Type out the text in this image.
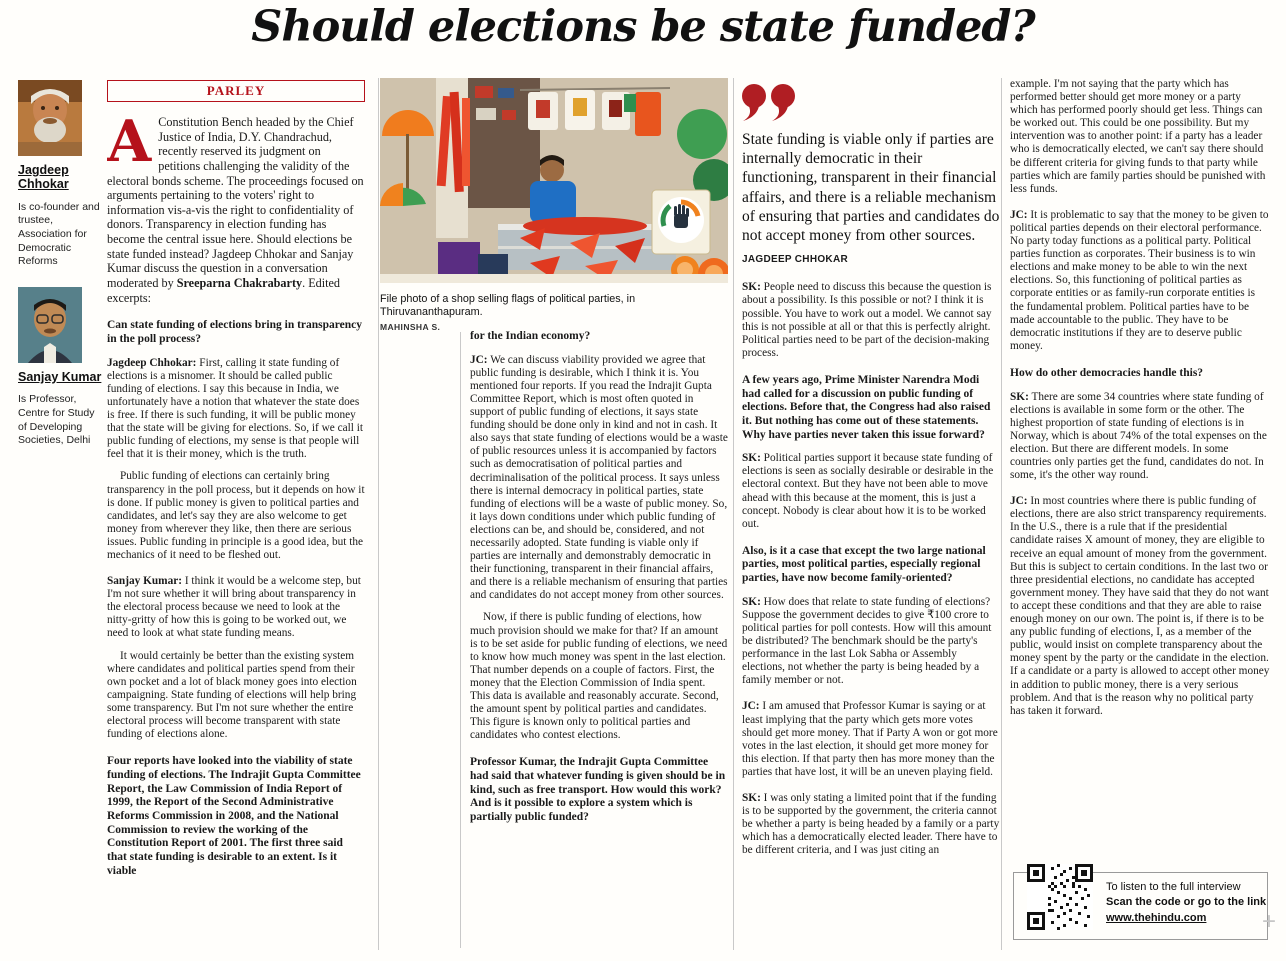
Should elections be state funded?
Jagdeep Chhokar

Is co-founder and trustee, Association for Democratic Reforms

Sanjay Kumar

Is Professor, Centre for Study of Developing Societies, Delhi

PARLEY

A Constitution Bench headed by the Chief Justice of India, D.Y. Chandrachud, recently reserved its judgment on petitions challenging the validity of the electoral bonds scheme. The proceedings focused on arguments pertaining to the voters' right to information vis-a-vis the right to confidentiality of donors. Transparency in election funding has become the central issue here. Should elections be state funded instead? Jagdeep Chhokar and Sanjay Kumar discuss the question in a conversation moderated by Sreeparna Chakrabarty. Edited excerpts:

Can state funding of elections bring in transparency in the poll process?

Jagdeep Chhokar: First, calling it state funding of elections is a misnomer. It should be called public funding of elections. I say this because in India, we unfortunately have a notion that whatever the state does is free. If there is such funding, it will be public money that the state will be giving for elections. So, if we call it public funding of elections, my sense is that people will feel that it is their money, which is the truth.

Public funding of elections can certainly bring transparency in the poll process, but it depends on how it is done. If public money is given to political parties and candidates, and let's say they are also welcome to get money from wherever they like, then there are serious issues. Public funding in principle is a good idea, but the mechanics of it need to be fleshed out.

Sanjay Kumar: I think it would be a welcome step, but I'm not sure whether it will bring about transparency in the electoral process because we need to look at the nitty-gritty of how this is going to be worked out, we need to look at what state funding means.

It would certainly be better than the existing system where candidates and political parties spend from their own pocket and a lot of black money goes into election campaigning. State funding of elections will help bring some transparency. But I'm not sure whether the entire electoral process will become transparent with state funding of elections alone.

Four reports have looked into the viability of state funding of elections. The Indrajit Gupta Committee Report, the Law Commission of India Report of 1999, the Report of the Second Administrative Reforms Commission in 2008, and the National Commission to review the working of the Constitution Report of 2001. The first three said that state funding is desirable to an extent. Is it viable

File photo of a shop selling flags of political parties, in Thiruvananthapuram.
MAHINSHA S.

for the Indian economy?

JC: We can discuss viability provided we agree that public funding is desirable, which I think it is. You mentioned four reports. If you read the Indrajit Gupta Committee Report, which is most often quoted in support of public funding of elections, it says state funding should be done only in kind and not in cash. It also says that state funding of elections would be a waste of public resources unless it is accompanied by factors such as democratisation of political parties and decriminalisation of the political process. It says unless there is internal democracy in political parties, state funding of elections will be a waste of public money. So, it lays down conditions under which public funding of elections can be, and should be, considered, and not necessarily adopted. State funding is viable only if parties are internally and demonstrably democratic in their functioning, transparent in their financial affairs, and there is a reliable mechanism of ensuring that parties and candidates do not accept money from other sources.

Now, if there is public funding of elections, how much provision should we make for that? If an amount is to be set aside for public funding of elections, we need to know how much money was spent in the last election. That number depends on a couple of factors. First, the money that the Election Commission of India spent. This data is available and reasonably accurate. Second, the amount spent by political parties and candidates. This figure is known only to political parties and candidates who contest elections.

Professor Kumar, the Indrajit Gupta Committee had said that whatever funding is given should be in kind, such as free transport. How would this work? And is it possible to explore a system which is partially public funded?

State funding is viable only if parties are internally democratic in their functioning, transparent in their financial affairs, and there is a reliable mechanism of ensuring that parties and candidates do not accept money from other sources.

JAGDEEP CHHOKAR

SK: People need to discuss this because the question is about a possibility. Is this possible or not? I think it is possible. You have to work out a model. We cannot say this is not possible at all or that this is perfectly alright. Political parties need to be part of the decision-making process.

A few years ago, Prime Minister Narendra Modi had called for a discussion on public funding of elections. Before that, the Congress had also raised it. But nothing has come out of these statements. Why have parties never taken this issue forward?

SK: Political parties support it because state funding of elections is seen as socially desirable or desirable in the electoral context. But they have not been able to move ahead with this because at the moment, this is just a concept. Nobody is clear about how it is to be worked out.

Also, is it a case that except the two large national parties, most political parties, especially regional parties, have now become family-oriented?

SK: How does that relate to state funding of elections? Suppose the government decides to give ₹100 crore to political parties for poll contests. How will this amount be distributed? The benchmark should be the party's performance in the last Lok Sabha or Assembly elections, not whether the party is being headed by a family member or not.

JC: I am amused that Professor Kumar is saying or at least implying that the party which gets more votes should get more money. That if Party A won or got more votes in the last election, it should get more money for this election. If that party then has more money than the parties that have lost, it will be an uneven playing field.

SK: I was only stating a limited point that if the funding is to be supported by the government, the criteria cannot be whether a party is being headed by a family or a party which has a democratically elected leader. There have to be different criteria, and I was just citing an

example. I'm not saying that the party which has performed better should get more money or a party which has performed poorly should get less. Things can be worked out. This could be one possibility. But my intervention was to another point: if a party has a leader who is democratically elected, we can't say there should be different criteria for giving funds to that party while parties which are family parties should be punished with less funds.

JC: It is problematic to say that the money to be given to political parties depends on their electoral performance. No party today functions as a political party. Political parties function as corporates. Their business is to win elections and make money to be able to win the next elections. So, this functioning of political parties as corporate entities or as family-run corporate entities is the fundamental problem. Political parties have to be made accountable to the public. They have to be democratic institutions if they are to deserve public money.

How do other democracies handle this?

SK: There are some 34 countries where state funding of elections is available in some form or the other. The highest proportion of state funding of elections is in Norway, which is about 74% of the total expenses on the election. But there are different models. In some countries only parties get the fund, candidates do not. In some, it's the other way round.

JC: In most countries where there is public funding of elections, there are also strict transparency requirements. In the U.S., there is a rule that if the presidential candidate raises X amount of money, they are eligible to receive an equal amount of money from the government. But this is subject to certain conditions. In the last two or three presidential elections, no candidate has accepted government money. They have said that they do not want to accept these conditions and that they are able to raise enough money on our own. The point is, if there is to be any public funding of elections, I, as a member of the public, would insist on complete transparency about the money spent by the party or the candidate in the election. If a candidate or a party is allowed to accept other money in addition to public money, there is a very serious problem. And that is the reason why no political party has taken it forward.

To listen to the full interview
Scan the code or go to the link
www.thehindu.com	+
